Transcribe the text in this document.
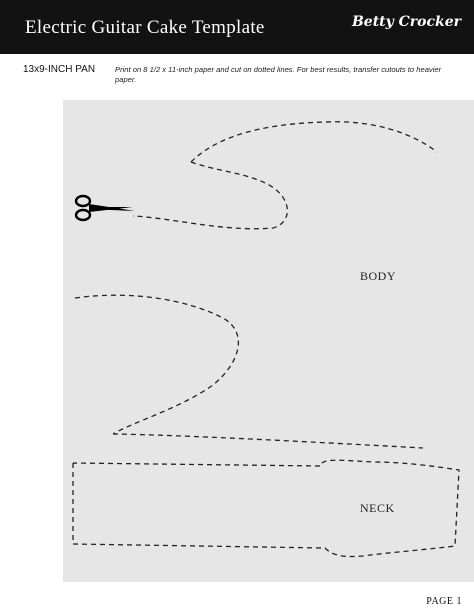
Electric Guitar Cake Template	Betty Crocker
13x9-INCH PAN	Print on 8 1/2 x 11-inch paper and cut on dotted lines. For best results, transfer cutouts to heavier paper.
BODY
NECK
PAGE 1
